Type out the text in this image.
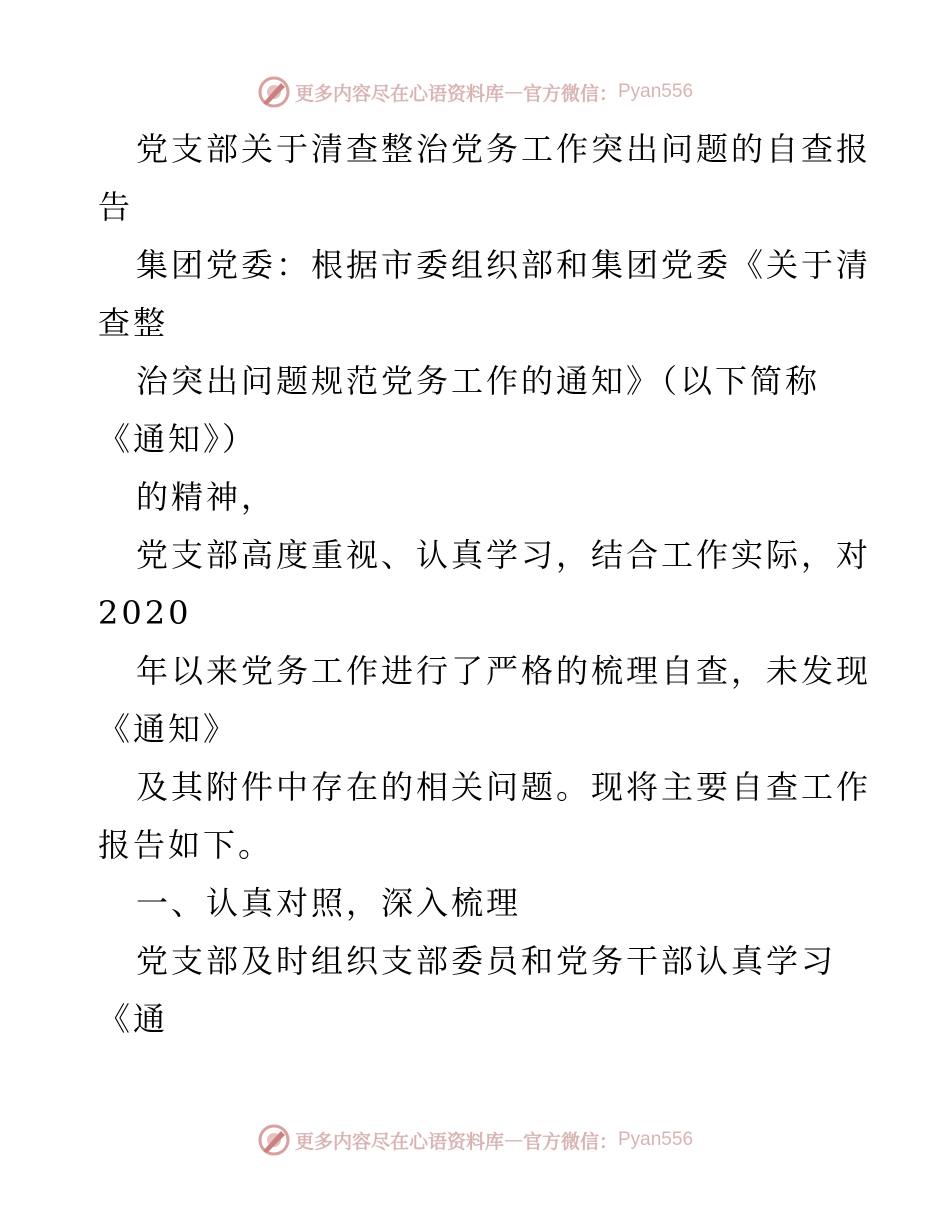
更多内容尽在心语资料库 — 官方微信： Pyan556
党支部关于清查整治党务工作突出问题的自查报
告
集团党委：根据市委组织部和集团党委《关于清
查整
治突出问题规范党务工作的通知》（以下简称
《通知》）
的精神，
党支部高度重视、认真学习，结合工作实际，对
2020
年以来党务工作进行了严格的梳理自查，未发现
《通知》
及其附件中存在的相关问题。现将主要自查工作
报告如下。
一、认真对照，深入梳理
党支部及时组织支部委员和党务干部认真学习
《通
更多内容尽在心语资料库 — 官方微信： Pyan556
